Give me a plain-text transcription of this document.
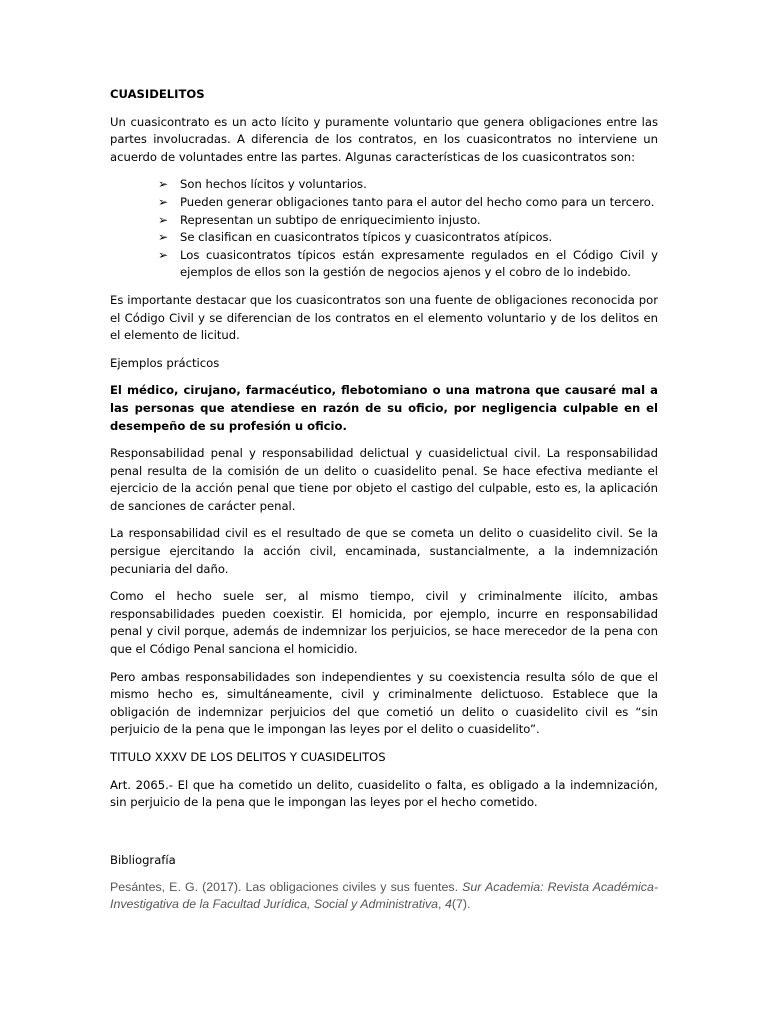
CUASIDELITOS

Un cuasicontrato es un acto lícito y puramente voluntario que genera obligaciones entre las partes involucradas. A diferencia de los contratos, en los cuasicontratos no interviene un acuerdo de voluntades entre las partes. Algunas características de los cuasicontratos son:

➢ Son hechos lícitos y voluntarios.
➢ Pueden generar obligaciones tanto para el autor del hecho como para un tercero.
➢ Representan un subtipo de enriquecimiento injusto.
➢ Se clasifican en cuasicontratos típicos y cuasicontratos atípicos.
➢ Los cuasicontratos típicos están expresamente regulados en el Código Civil y ejemplos de ellos son la gestión de negocios ajenos y el cobro de lo indebido.

Es importante destacar que los cuasicontratos son una fuente de obligaciones reconocida por el Código Civil y se diferencian de los contratos en el elemento voluntario y de los delitos en el elemento de licitud.

Ejemplos prácticos

El médico, cirujano, farmacéutico, flebotomiano o una matrona que causaré mal a las personas que atendiese en razón de su oficio, por negligencia culpable en el desempeño de su profesión u oficio.

Responsabilidad penal y responsabilidad delictual y cuasidelictual civil. La responsabilidad penal resulta de la comisión de un delito o cuasidelito penal. Se hace efectiva mediante el ejercicio de la acción penal que tiene por objeto el castigo del culpable, esto es, la aplicación de sanciones de carácter penal.

La responsabilidad civil es el resultado de que se cometa un delito o cuasidelito civil. Se la persigue ejercitando la acción civil, encaminada, sustancialmente, a la indemnización pecuniaria del daño.

Como el hecho suele ser, al mismo tiempo, civil y criminalmente ilícito, ambas responsabilidades pueden coexistir. El homicida, por ejemplo, incurre en responsabilidad penal y civil porque, además de indemnizar los perjuicios, se hace merecedor de la pena con que el Código Penal sanciona el homicidio.

Pero ambas responsabilidades son independientes y su coexistencia resulta sólo de que el mismo hecho es, simultáneamente, civil y criminalmente delictuoso. Establece que la obligación de indemnizar perjuicios del que cometió un delito o cuasidelito civil es “sin perjuicio de la pena que le impongan las leyes por el delito o cuasidelito”.

TITULO XXXV DE LOS DELITOS Y CUASIDELITOS

Art. 2065.- El que ha cometido un delito, cuasidelito o falta, es obligado a la indemnización, sin perjuicio de la pena que le impongan las leyes por el hecho cometido.

Bibliografía

Pesántes, E. G. (2017). Las obligaciones civiles y sus fuentes. Sur Academia: Revista Académica-Investigativa de la Facultad Jurídica, Social y Administrativa, 4(7).
